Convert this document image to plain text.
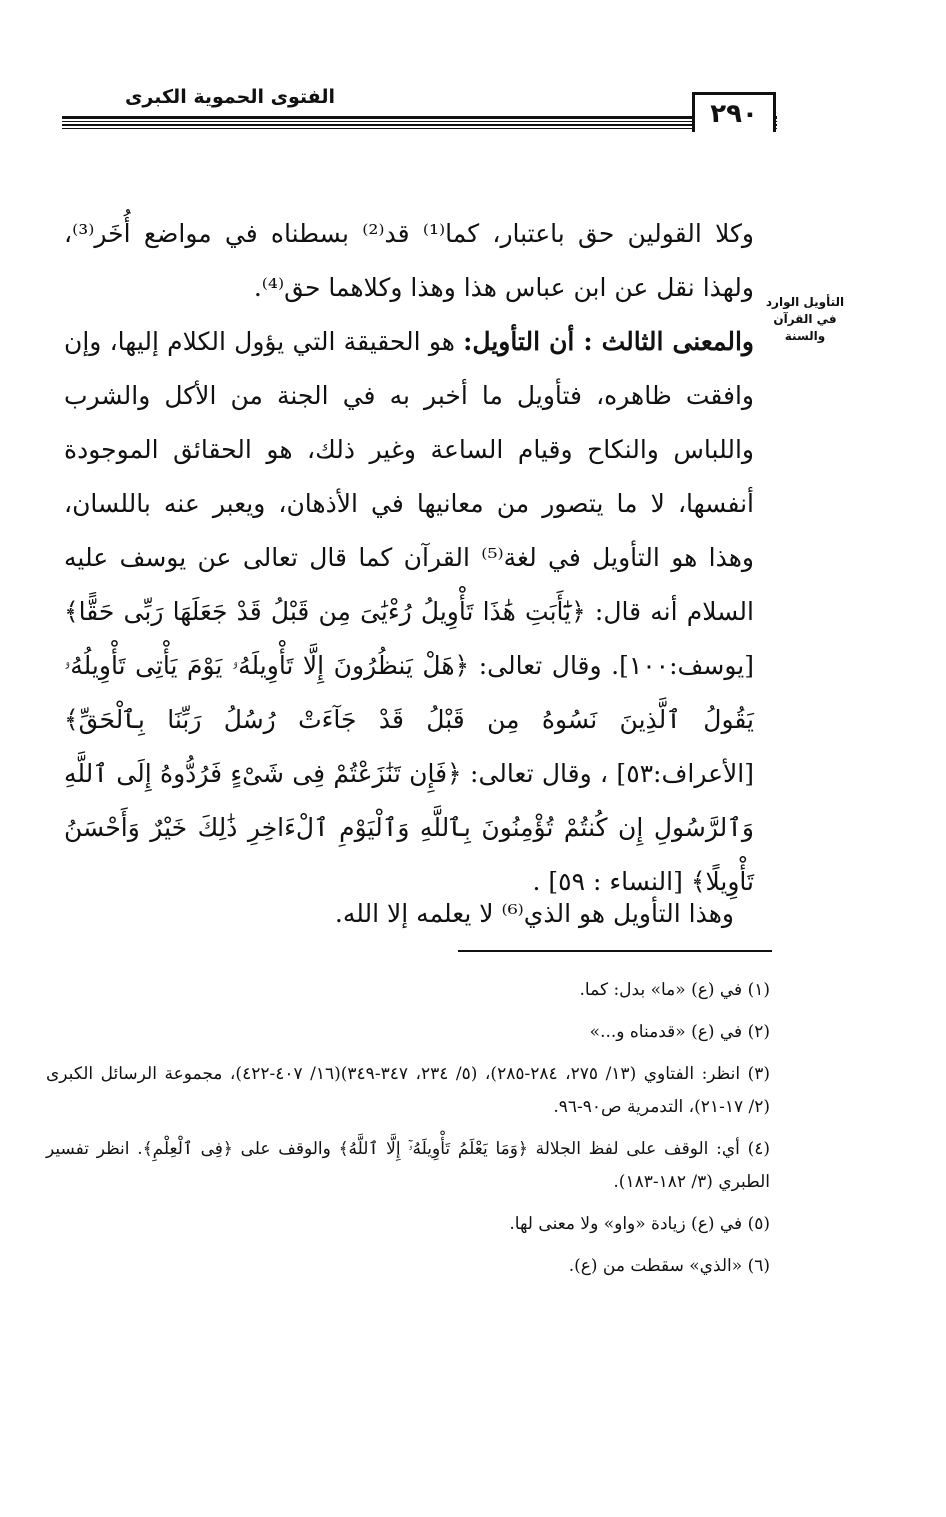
٢٩٠
الفتوى الحموية الكبرى
التأويل الوارد في القرآن والسنة

وكلا القولين حق باعتبار، كما⁽¹⁾ قد⁽²⁾ بسطناه في مواضع أُخَر⁽³⁾، ولهذا نقل عن ابن عباس هذا وهذا وكلاهما حق⁽⁴⁾.

والمعنى الثالث : أن التأويل: هو الحقيقة التي يؤول الكلام إليها، وإن وافقت ظاهره، فتأويل ما أخبر به في الجنة من الأكل والشرب واللباس والنكاح وقيام الساعة وغير ذلك، هو الحقائق الموجودة أنفسها، لا ما يتصور من معانيها في الأذهان، ويعبر عنه باللسان، وهذا هو التأويل في لغة⁽⁵⁾ القرآن كما قال تعالى عن يوسف عليه السلام أنه قال: ﴿يَٰٓأَبَتِ هَٰذَا تَأْوِيلُ رُءْيَٰىَ مِن قَبْلُ قَدْ جَعَلَهَا رَبِّى حَقًّا﴾ [يوسف:١٠٠]. وقال تعالى: ﴿هَلْ يَنظُرُونَ إِلَّا تَأْوِيلَهُۥ يَوْمَ يَأْتِى تَأْوِيلُهُۥ يَقُولُ ٱلَّذِينَ نَسُوهُ مِن قَبْلُ قَدْ جَآءَتْ رُسُلُ رَبِّنَا بِٱلْحَقِّ﴾ [الأعراف:٥٣] ، وقال تعالى: ﴿فَإِن تَنَٰزَعْتُمْ فِى شَىْءٍ فَرُدُّوهُ إِلَى ٱللَّهِ وَٱلرَّسُولِ إِن كُنتُمْ تُؤْمِنُونَ بِٱللَّهِ وَٱلْيَوْمِ ٱلْءَاخِرِ ذَٰلِكَ خَيْرٌ وَأَحْسَنُ تَأْوِيلًا﴾ [النساء : ٥٩] .

وهذا التأويل هو الذي⁽⁶⁾ لا يعلمه إلا الله.

(١) في (ع) «ما» بدل: كما.

(٢) في (ع) «قدمناه و...»

(٣) انظر: الفتاوي (١٣/ ٢٧٥، ٢٨٤-٢٨٥)، (٥/ ٢٣٤، ٣٤٧-٣٤٩)(١٦/ ٤٠٧-٤٢٢)، مجموعة الرسائل الكبرى (٢/ ١٧-٢١)، التدمرية ص٩٠-٩٦.

(٤) أي: الوقف على لفظ الجلالة ﴿وَمَا يَعْلَمُ تَأْوِيلَهُۥٓ إِلَّا ٱللَّهُ﴾ والوقف على ﴿فِى ٱلْعِلْمِ﴾. انظر تفسير الطبري (٣/ ١٨٢-١٨٣).

(٥) في (ع) زيادة «واو» ولا معنى لها.

(٦) «الذي» سقطت من (ع).
